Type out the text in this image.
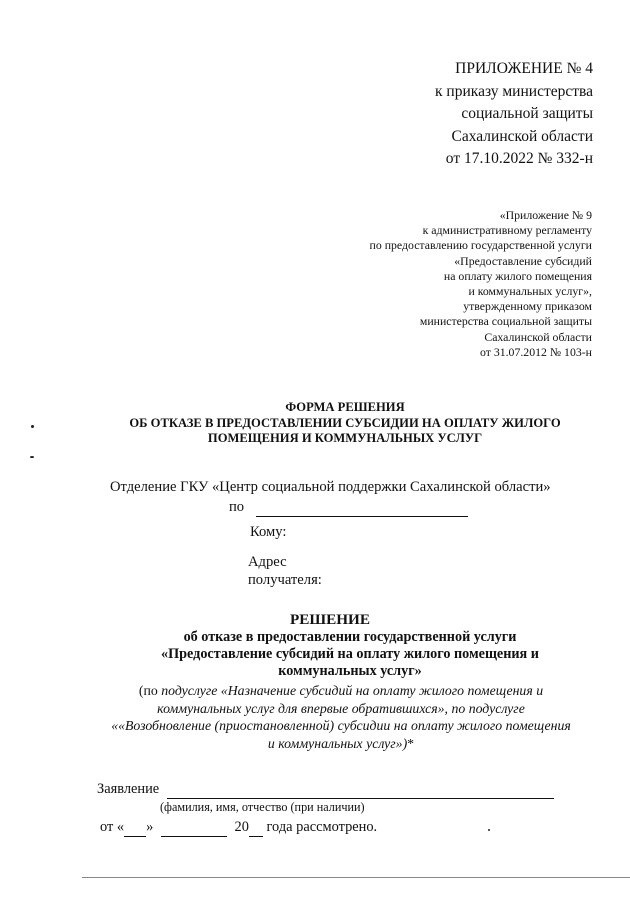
ПРИЛОЖЕНИЕ № 4
к приказу министерства
социальной защиты
Сахалинской области
от 17.10.2022 № 332-н
«Приложение № 9
к административному регламенту
по предоставлению государственной услуги
«Предоставление субсидий
на оплату жилого помещения
и коммунальных услуг»,
утвержденному приказом
министерства социальной защиты
Сахалинской области
от 31.07.2012 № 103-н
ФОРМА РЕШЕНИЯ
ОБ ОТКАЗЕ В ПРЕДОСТАВЛЕНИИ СУБСИДИИ НА ОПЛАТУ ЖИЛОГО
ПОМЕЩЕНИЯ И КОММУНАЛЬНЫХ УСЛУГ
Отделение ГКУ «Центр социальной поддержки Сахалинской области»
по
Кому:
Адрес
получателя:
РЕШЕНИЕ
об отказе в предоставлении государственной услуги
«Предоставление субсидий на оплату жилого помещения и
коммунальных услуг»
(по подуслуге «Назначение субсидий на оплату жилого помещения и
коммунальных услуг для впервые обратившихся», по подуслуге
««Возобновление (приостановленной) субсидии на оплату жилого помещения
и коммунальных услуг»)*
Заявление
(фамилия, имя, отчество (при наличии)
от « »	20 года рассмотрено.
